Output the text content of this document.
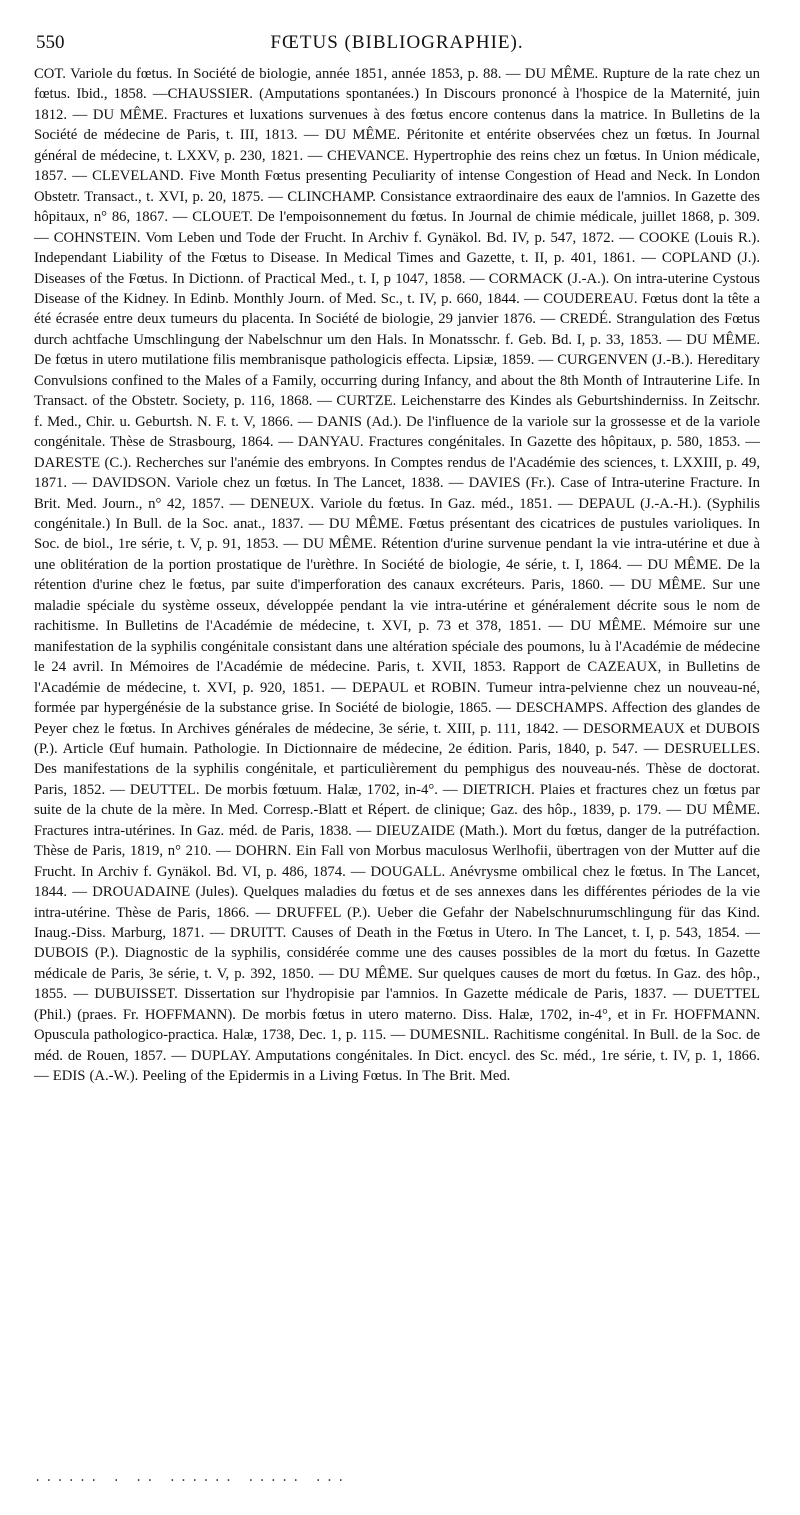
550	FŒTUS (BIBLIOGRAPHIE).
COT. Variole du fœtus. In Société de biologie, année 1851, année 1853, p. 88. — DU MÊME. Rupture de la rate chez un fœtus. Ibid., 1858. —CHAUSSIER. (Amputations spontanées.) In Discours prononcé à l'hospice de la Maternité, juin 1812. — DU MÊME. Fractures et luxations survenues à des fœtus encore contenus dans la matrice. In Bulletins de la Société de médecine de Paris, t. III, 1813. — DU MÊME. Péritonite et entérite observées chez un fœtus. In Journal général de médecine, t. LXXV, p. 230, 1821. — CHEVANCE. Hypertrophie des reins chez un fœtus. In Union médicale, 1857. — CLEVELAND. Five Month Fœtus presenting Peculiarity of intense Congestion of Head and Neck. In London Obstetr. Transact., t. XVI, p. 20, 1875. — CLINCHAMP. Consistance extraordinaire des eaux de l'amnios. In Gazette des hôpitaux, n° 86, 1867. — CLOUET. De l'empoisonnement du fœtus. In Journal de chimie médicale, juillet 1868, p. 309. — COHNSTEIN. Vom Leben und Tode der Frucht. In Archiv f. Gynäkol. Bd. IV, p. 547, 1872. — COOKE (Louis R.). Independant Liability of the Fœtus to Disease. In Medical Times and Gazette, t. II, p. 401, 1861. — COPLAND (J.). Diseases of the Fœtus. In Dictionn. of Practical Med., t. I, p 1047, 1858. — CORMACK (J.-A.). On intra-uterine Cystous Disease of the Kidney. In Edinb. Monthly Journ. of Med. Sc., t. IV, p. 660, 1844. — COUDEREAU. Fœtus dont la tête a été écrasée entre deux tumeurs du placenta. In Société de biologie, 29 janvier 1876. — CREDÉ. Strangulation des Fœtus durch achtfache Umschlingung der Nabelschnur um den Hals. In Monatsschr. f. Geb. Bd. I, p. 33, 1853. — DU MÊME. De fœtus in utero mutilatione filis membranisque pathologicis effecta. Lipsiæ, 1859. — CURGENVEN (J.-B.). Hereditary Convulsions confined to the Males of a Family, occurring during Infancy, and about the 8th Month of Intrauterine Life. In Transact. of the Obstetr. Society, p. 116, 1868. — CURTZE. Leichenstarre des Kindes als Geburtshinderniss. In Zeitschr. f. Med., Chir. u. Geburtsh. N. F. t. V, 1866. — DANIS (Ad.). De l'influence de la variole sur la grossesse et de la variole congénitale. Thèse de Strasbourg, 1864. — DANYAU. Fractures congénitales. In Gazette des hôpitaux, p. 580, 1853. — DARESTE (C.). Recherches sur l'anémie des embryons. In Comptes rendus de l'Académie des sciences, t. LXXIII, p. 49, 1871. — DAVIDSON. Variole chez un fœtus. In The Lancet, 1838. — DAVIES (Fr.). Case of Intra-uterine Fracture. In Brit. Med. Journ., n° 42, 1857. — DENEUX. Variole du fœtus. In Gaz. méd., 1851. — DEPAUL (J.-A.-H.). (Syphilis congénitale.) In Bull. de la Soc. anat., 1837. — DU MÊME. Fœtus présentant des cicatrices de pustules varioliques. In Soc. de biol., 1re série, t. V, p. 91, 1853. — DU MÊME. Rétention d'urine survenue pendant la vie intra-utérine et due à une oblitération de la portion prostatique de l'urèthre. In Société de biologie, 4e série, t. I, 1864. — DU MÊME. De la rétention d'urine chez le fœtus, par suite d'imperforation des canaux excréteurs. Paris, 1860. — DU MÊME. Sur une maladie spéciale du système osseux, développée pendant la vie intra-utérine et généralement décrite sous le nom de rachitisme. In Bulletins de l'Académie de médecine, t. XVI, p. 73 et 378, 1851. — DU MÊME. Mémoire sur une manifestation de la syphilis congénitale consistant dans une altération spéciale des poumons, lu à l'Académie de médecine le 24 avril. In Mémoires de l'Académie de médecine. Paris, t. XVII, 1853. Rapport de CAZEAUX, in Bulletins de l'Académie de médecine, t. XVI, p. 920, 1851. — DEPAUL et ROBIN. Tumeur intra-pelvienne chez un nouveau-né, formée par hypergénésie de la substance grise. In Société de biologie, 1865. — DESCHAMPS. Affection des glandes de Peyer chez le fœtus. In Archives générales de médecine, 3e série, t. XIII, p. 111, 1842. — DESORMEAUX et DUBOIS (P.). Article Œuf humain. Pathologie. In Dictionnaire de médecine, 2e édition. Paris, 1840, p. 547. — DESRUELLES. Des manifestations de la syphilis congénitale, et particulièrement du pemphigus des nouveau-nés. Thèse de doctorat. Paris, 1852. — DEUTTEL. De morbis fœtuum. Halæ, 1702, in-4°. — DIETRICH. Plaies et fractures chez un fœtus par suite de la chute de la mère. In Med. Corresp.-Blatt et Répert. de clinique; Gaz. des hôp., 1839, p. 179. — DU MÊME. Fractures intra-utérines. In Gaz. méd. de Paris, 1838. — DIEUZAIDE (Math.). Mort du fœtus, danger de la putréfaction. Thèse de Paris, 1819, n° 210. — DOHRN. Ein Fall von Morbus maculosus Werlhofii, übertragen von der Mutter auf die Frucht. In Archiv f. Gynäkol. Bd. VI, p. 486, 1874. — DOUGALL. Anévrysme ombilical chez le fœtus. In The Lancet, 1844. — DROUADAINE (Jules). Quelques maladies du fœtus et de ses annexes dans les différentes périodes de la vie intra-utérine. Thèse de Paris, 1866. — DRUFFEL (P.). Ueber die Gefahr der Nabelschnurumschlingung für das Kind. Inaug.-Diss. Marburg, 1871. — DRUITT. Causes of Death in the Fœtus in Utero. In The Lancet, t. I, p. 543, 1854. — DUBOIS (P.). Diagnostic de la syphilis, considérée comme une des causes possibles de la mort du fœtus. In Gazette médicale de Paris, 3e série, t. V, p. 392, 1850. — DU MÊME. Sur quelques causes de mort du fœtus. In Gaz. des hôp., 1855. — DUBUISSET. Dissertation sur l'hydropisie par l'amnios. In Gazette médicale de Paris, 1837. — DUETTEL (Phil.) (praes. Fr. HOFFMANN). De morbis fœtus in utero materno. Diss. Halæ, 1702, in-4°, et in Fr. HOFFMANN. Opuscula pathologico-practica. Halæ, 1738, Dec. 1, p. 115. — DUMESNIL. Rachitisme congénital. In Bull. de la Soc. de méd. de Rouen, 1857. — DUPLAY. Amputations congénitales. In Dict. encycl. des Sc. méd., 1re série, t. IV, p. 1, 1866. — EDIS (A.-W.). Peeling of the Epidermis in a Living Fœtus. In The Brit. Med.
...... . .. ...... ..... ...
